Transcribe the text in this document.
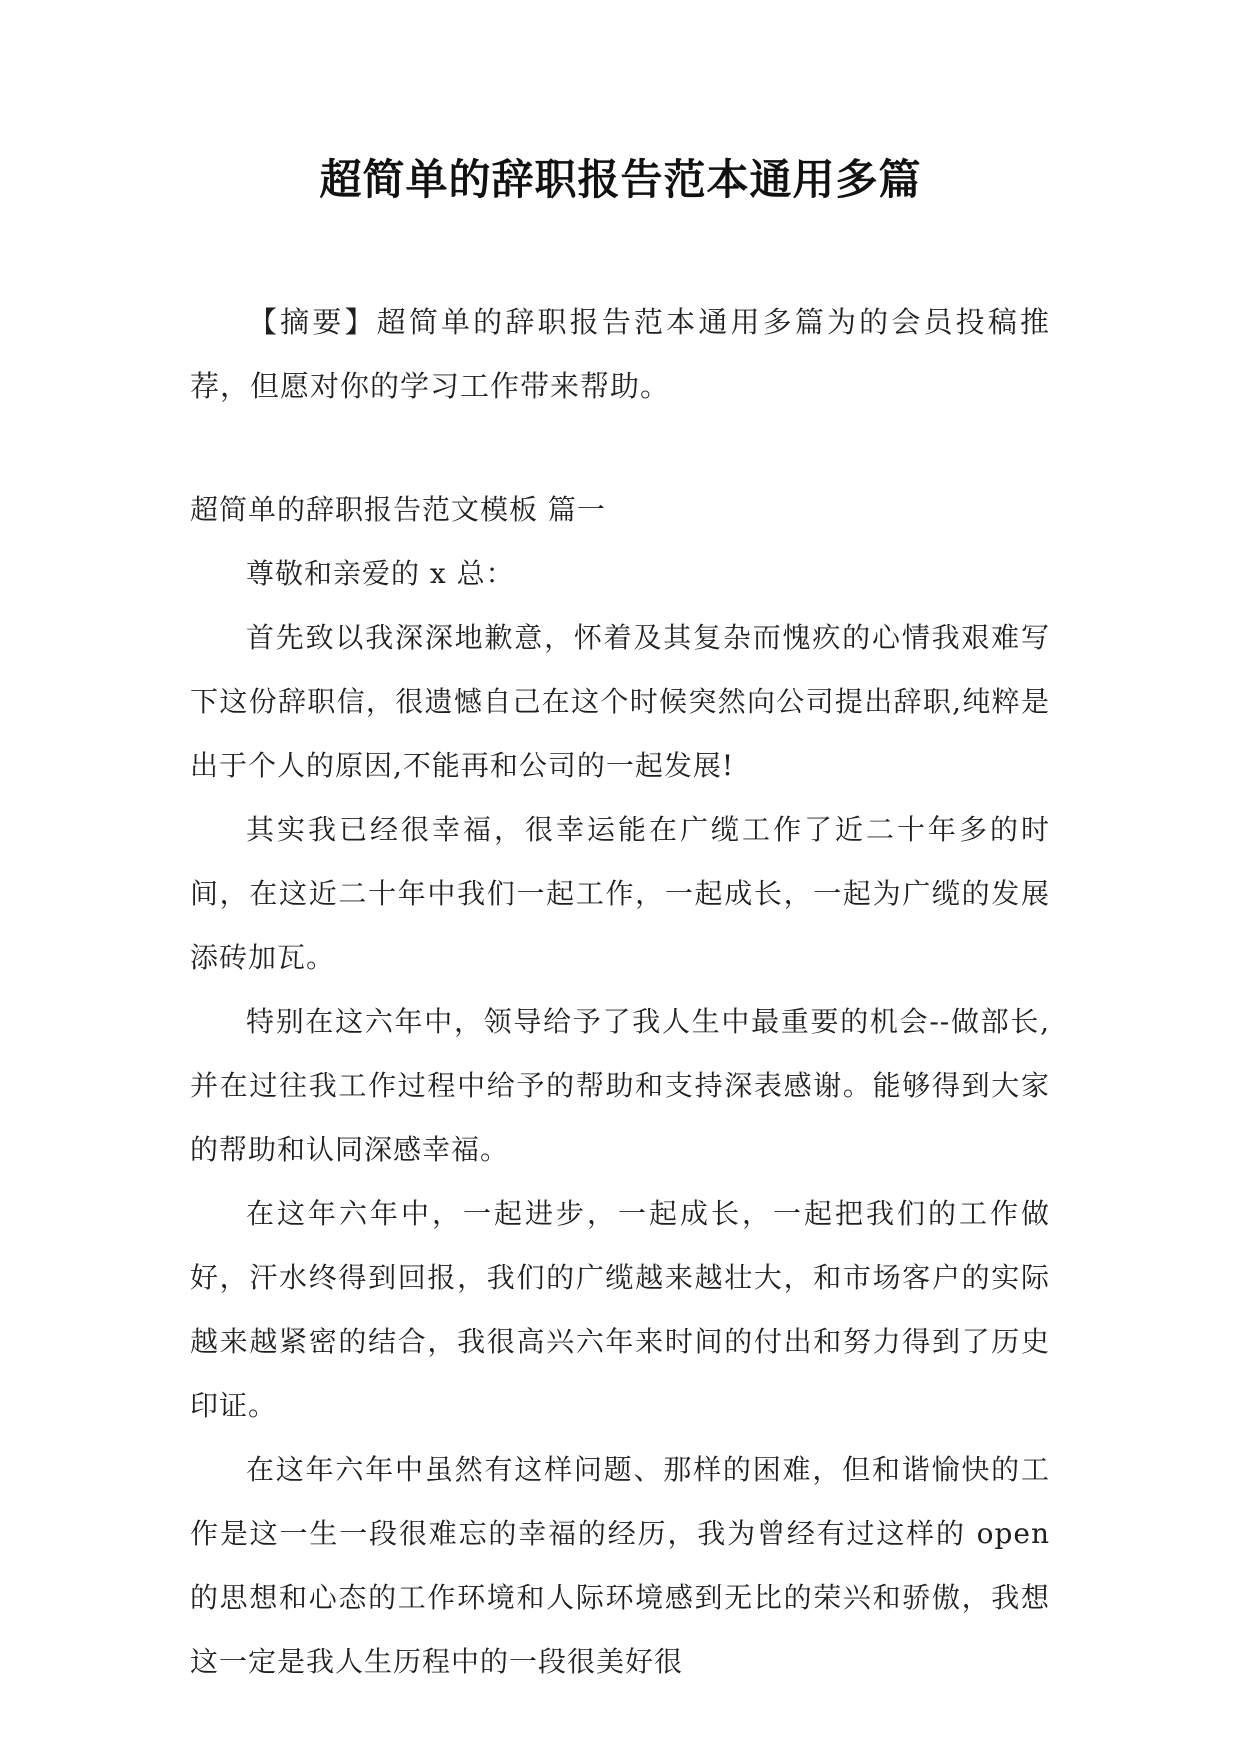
超简单的辞职报告范本通用多篇

【摘要】超简单的辞职报告范本通用多篇为的会员投稿推荐，但愿对你的学习工作带来帮助。

超简单的辞职报告范文模板 篇一

尊敬和亲爱的 x 总：

首先致以我深深地歉意，怀着及其复杂而愧疚的心情我艰难写下这份辞职信，很遗憾自己在这个时候突然向公司提出辞职,纯粹是出于个人的原因,不能再和公司的一起发展!

其实我已经很幸福，很幸运能在广缆工作了近二十年多的时间，在这近二十年中我们一起工作，一起成长，一起为广缆的发展添砖加瓦。

特别在这六年中，领导给予了我人生中最重要的机会--做部长,并在过往我工作过程中给予的帮助和支持深表感谢。能够得到大家的帮助和认同深感幸福。

在这年六年中，一起进步，一起成长，一起把我们的工作做好，汗水终得到回报，我们的广缆越来越壮大，和市场客户的实际越来越紧密的结合，我很高兴六年来时间的付出和努力得到了历史印证。

在这年六年中虽然有这样问题、那样的困难，但和谐愉快的工作是这一生一段很难忘的幸福的经历，我为曾经有过这样的 open 的思想和心态的工作环境和人际环境感到无比的荣兴和骄傲，我想这一定是我人生历程中的一段很美好很
